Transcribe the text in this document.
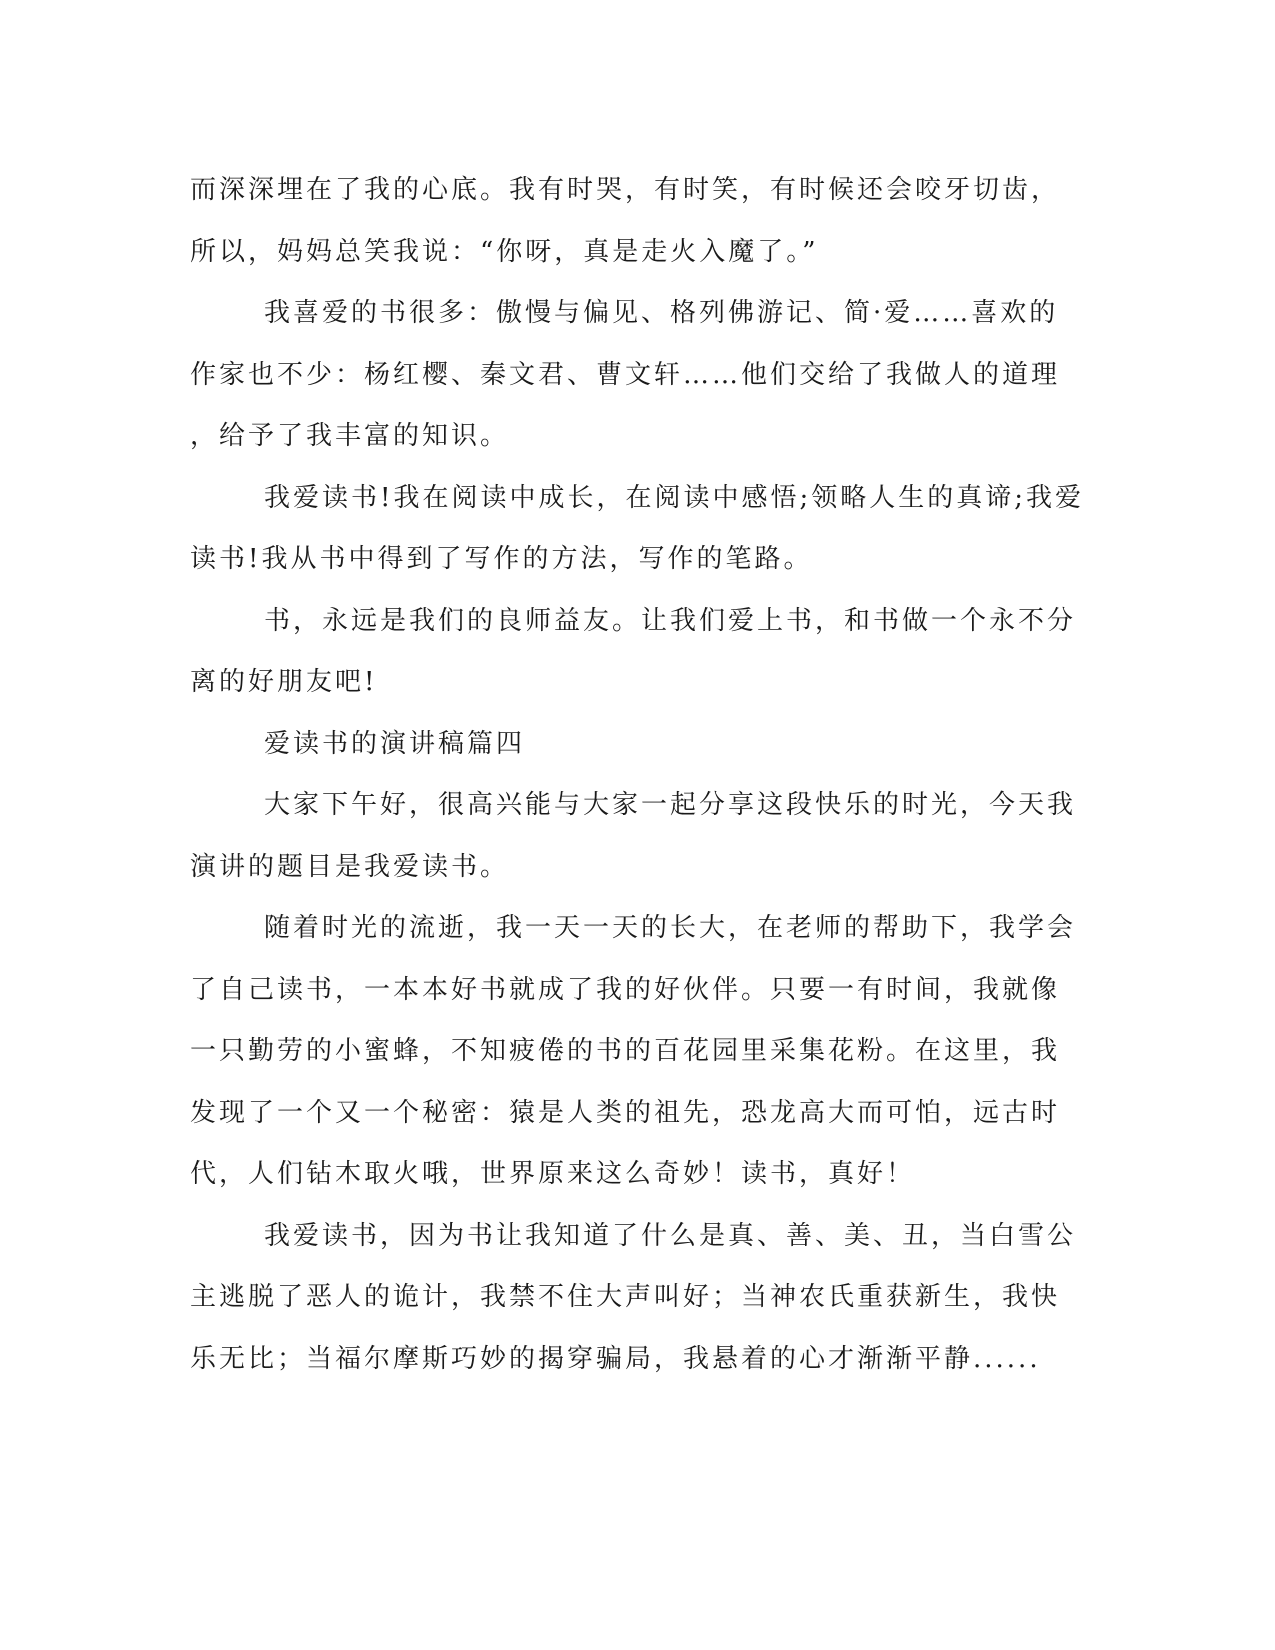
而深深埋在了我的心底。我有时哭，有时笑，有时候还会咬牙切齿，
所以，妈妈总笑我说：“你呀，真是走火入魔了。”
我喜爱的书很多：傲慢与偏见、格列佛游记、简·爱……喜欢的
作家也不少：杨红樱、秦文君、曹文轩……他们交给了我做人的道理
，给予了我丰富的知识。
我爱读书!我在阅读中成长，在阅读中感悟;领略人生的真谛;我爱
读书!我从书中得到了写作的方法，写作的笔路。
书，永远是我们的良师益友。让我们爱上书，和书做一个永不分
离的好朋友吧!
爱读书的演讲稿篇四
大家下午好，很高兴能与大家一起分享这段快乐的时光，今天我
演讲的题目是我爱读书。
随着时光的流逝，我一天一天的长大，在老师的帮助下，我学会
了自己读书，一本本好书就成了我的好伙伴。只要一有时间，我就像
一只勤劳的小蜜蜂，不知疲倦的书的百花园里采集花粉。在这里，我
发现了一个又一个秘密：猿是人类的祖先，恐龙高大而可怕，远古时
代，人们钻木取火哦，世界原来这么奇妙！读书，真好！
我爱读书，因为书让我知道了什么是真、善、美、丑，当白雪公
主逃脱了恶人的诡计，我禁不住大声叫好；当神农氏重获新生，我快
乐无比；当福尔摩斯巧妙的揭穿骗局，我悬着的心才渐渐平静......
